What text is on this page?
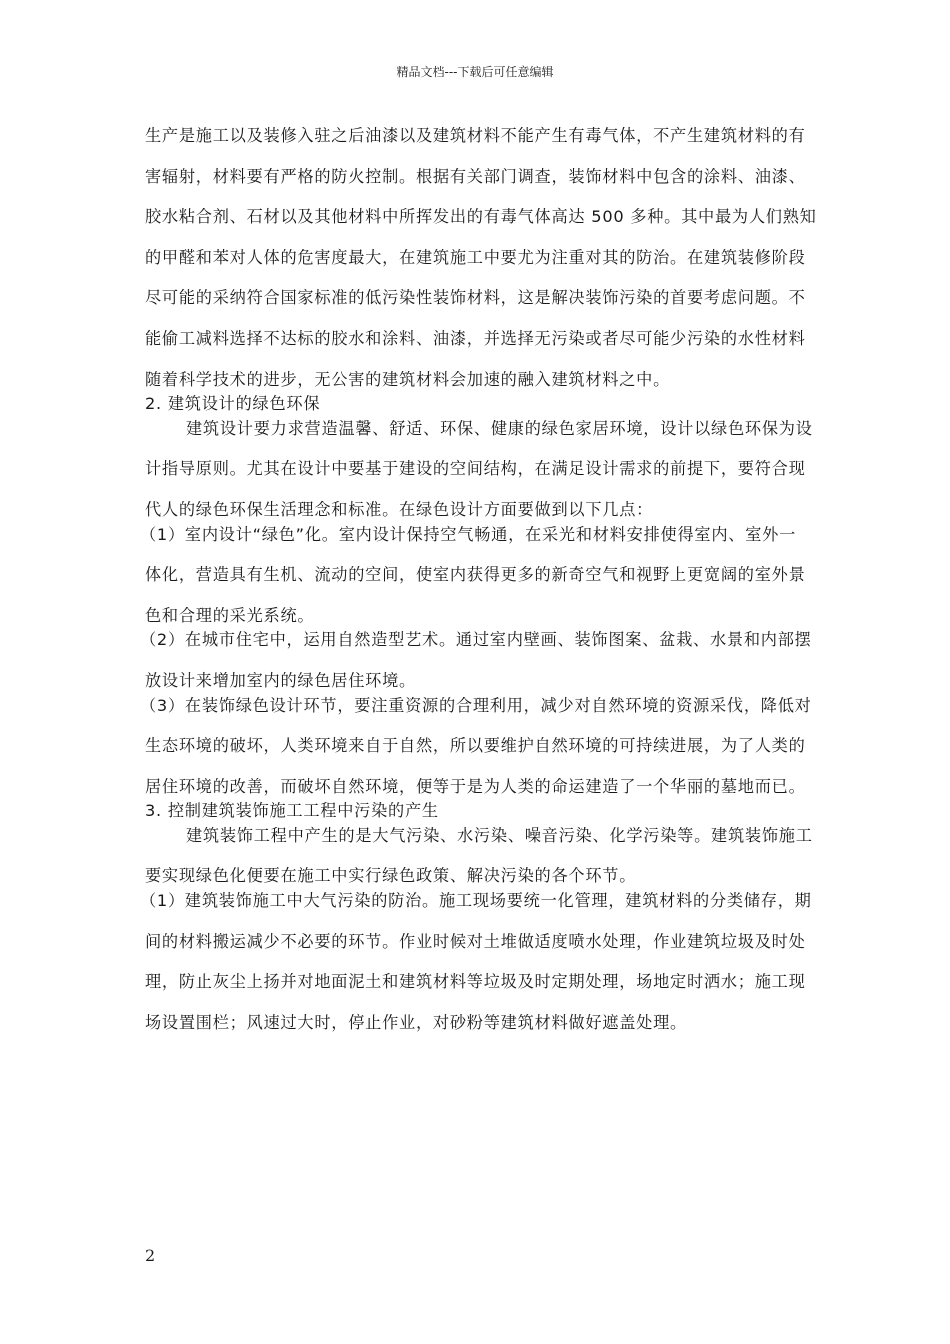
精品文档---下载后可任意编辑
生产是施工以及装修入驻之后油漆以及建筑材料不能产生有毒气体，不产生建筑材料的有
害辐射，材料要有严格的防火控制。根据有关部门调查，装饰材料中包含的涂料、油漆、
胶水粘合剂、石材以及其他材料中所挥发出的有毒气体高达 500 多种。其中最为人们熟知
的甲醛和苯对人体的危害度最大，在建筑施工中要尤为注重对其的防治。在建筑装修阶段
尽可能的采纳符合国家标准的低污染性装饰材料，这是解决装饰污染的首要考虑问题。不
能偷工减料选择不达标的胶水和涂料、油漆，并选择无污染或者尽可能少污染的水性材料
随着科学技术的进步，无公害的建筑材料会加速的融入建筑材料之中。
2. 建筑设计的绿色环保
建筑设计要力求营造温馨、舒适、环保、健康的绿色家居环境，设计以绿色环保为设
计指导原则。尤其在设计中要基于建设的空间结构，在满足设计需求的前提下，要符合现
代人的绿色环保生活理念和标准。在绿色设计方面要做到以下几点：
（1）室内设计“绿色”化。室内设计保持空气畅通，在采光和材料安排使得室内、室外一
体化，营造具有生机、流动的空间，使室内获得更多的新奇空气和视野上更宽阔的室外景
色和合理的采光系统。
（2）在城市住宅中，运用自然造型艺术。通过室内壁画、装饰图案、盆栽、水景和内部摆
放设计来增加室内的绿色居住环境。
（3）在装饰绿色设计环节，要注重资源的合理利用，减少对自然环境的资源采伐，降低对
生态环境的破坏，人类环境来自于自然，所以要维护自然环境的可持续进展，为了人类的
居住环境的改善，而破坏自然环境，便等于是为人类的命运建造了一个华丽的墓地而已。
3. 控制建筑装饰施工工程中污染的产生
建筑装饰工程中产生的是大气污染、水污染、噪音污染、化学污染等。建筑装饰施工
要实现绿色化便要在施工中实行绿色政策、解决污染的各个环节。
（1）建筑装饰施工中大气污染的防治。施工现场要统一化管理，建筑材料的分类储存，期
间的材料搬运减少不必要的环节。作业时候对土堆做适度喷水处理，作业建筑垃圾及时处
理，防止灰尘上扬并对地面泥土和建筑材料等垃圾及时定期处理，场地定时洒水；施工现
场设置围栏；风速过大时，停止作业，对砂粉等建筑材料做好遮盖处理。
2
